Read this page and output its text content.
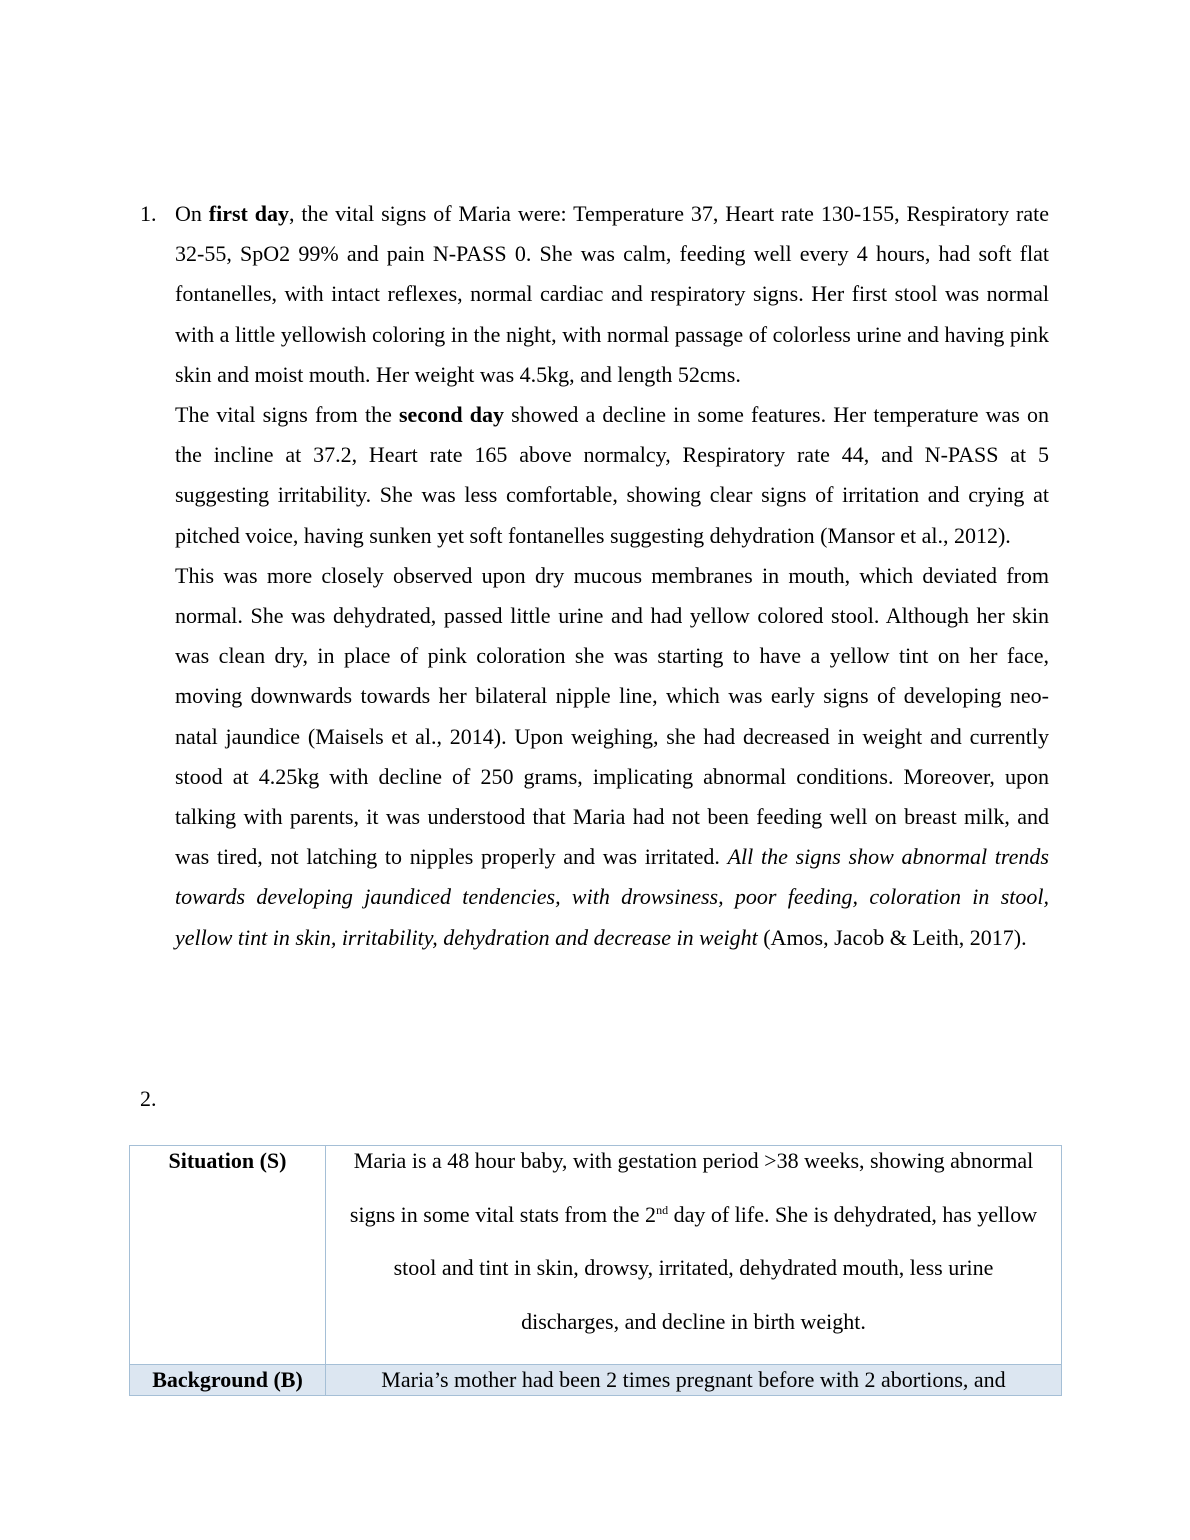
1. On first day, the vital signs of Maria were: Temperature 37, Heart rate 130-155, Respiratory rate 32-55, SpO2 99% and pain N-PASS 0. She was calm, feeding well every 4 hours, had soft flat fontanelles, with intact reflexes, normal cardiac and respiratory signs. Her first stool was normal with a little yellowish coloring in the night, with normal passage of colorless urine and having pink skin and moist mouth. Her weight was 4.5kg, and length 52cms.

The vital signs from the second day showed a decline in some features. Her temperature was on the incline at 37.2, Heart rate 165 above normalcy, Respiratory rate 44, and N-PASS at 5 suggesting irritability. She was less comfortable, showing clear signs of irritation and crying at pitched voice, having sunken yet soft fontanelles suggesting dehydration (Mansor et al., 2012).

This was more closely observed upon dry mucous membranes in mouth, which deviated from normal. She was dehydrated, passed little urine and had yellow colored stool. Although her skin was clean dry, in place of pink coloration she was starting to have a yellow tint on her face, moving downwards towards her bilateral nipple line, which was early signs of developing neo-natal jaundice (Maisels et al., 2014). Upon weighing, she had decreased in weight and currently stood at 4.25kg with decline of 250 grams, implicating abnormal conditions. Moreover, upon talking with parents, it was understood that Maria had not been feeding well on breast milk, and was tired, not latching to nipples properly and was irritated. All the signs show abnormal trends towards developing jaundiced tendencies, with drowsiness, poor feeding, coloration in stool, yellow tint in skin, irritability, dehydration and decrease in weight (Amos, Jacob & Leith, 2017).

2.
Situation (S)	Maria is a 48 hour baby, with gestation period >38 weeks, showing abnormal signs in some vital stats from the 2nd day of life. She is dehydrated, has yellow stool and tint in skin, drowsy, irritated, dehydrated mouth, less urine discharges, and decline in birth weight.

Background (B)	Maria’s mother had been 2 times pregnant before with 2 abortions, and
